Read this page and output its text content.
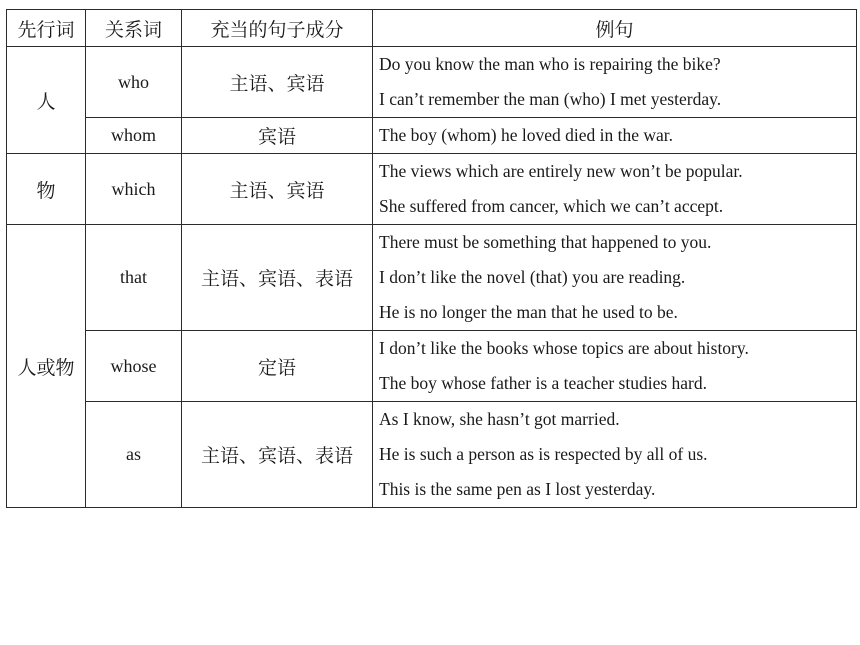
先行词	关系词	充当的句子成分	例句
人	who	主语、宾语	Do you know the man who is repairing the bike?
I can’t remember the man (who) I met yesterday.

	whom	宾语	The boy (whom) he loved died in the war.

物	which	主语、宾语	The views which are entirely new won’t be popular.
She suffered from cancer, which we can’t accept.

人或物	that	主语、宾语、表语	There must be something that happened to you.
I don’t like the novel (that) you are reading.
He is no longer the man that he used to be.

	whose	定语	I don’t like the books whose topics are about history.
The boy whose father is a teacher studies hard.

	as	主语、宾语、表语	As I know, she hasn’t got married.
He is such a person as is respected by all of us.
This is the same pen as I lost yesterday.
